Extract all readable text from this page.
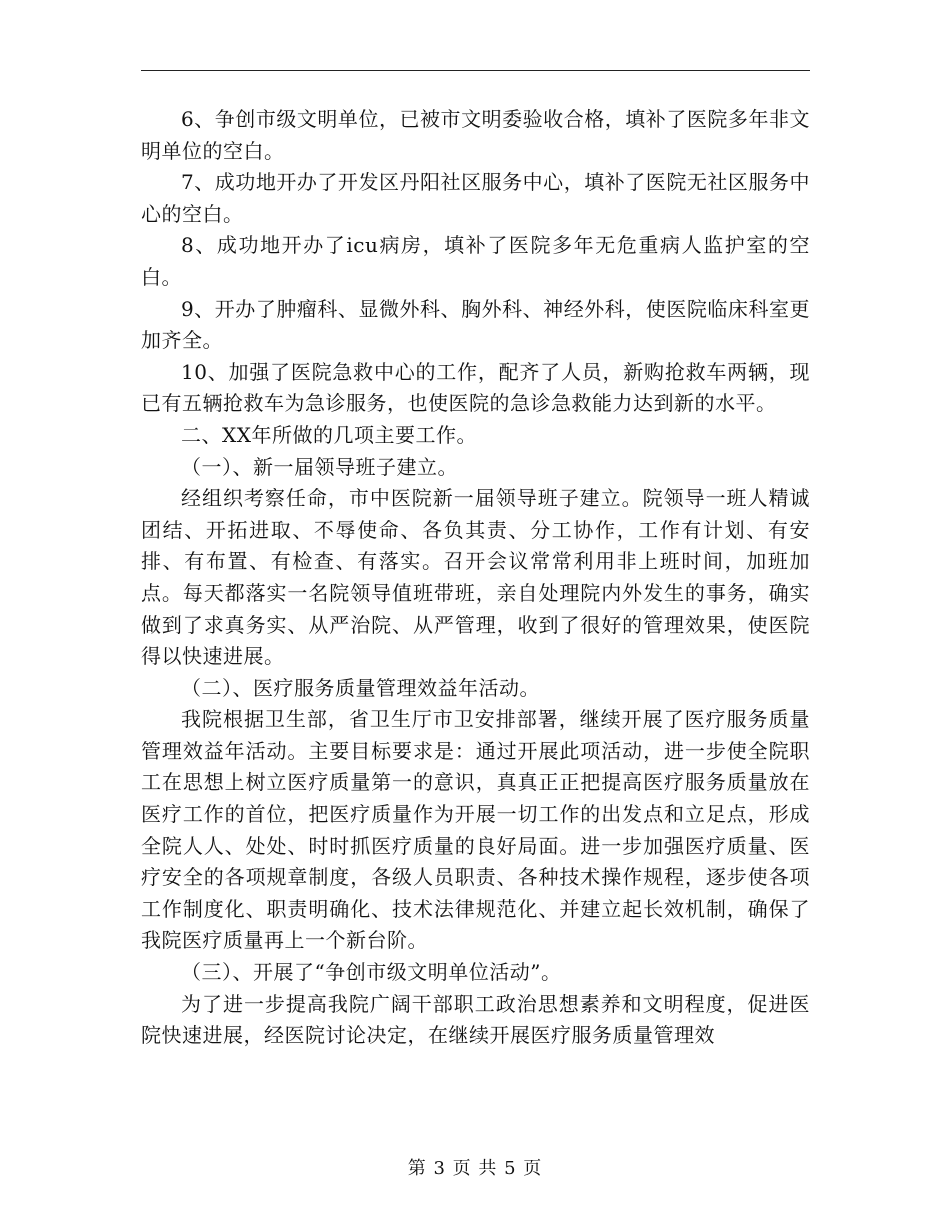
6、争创市级文明单位，已被市文明委验收合格，填补了医院多年非文明单位的空白。

7、成功地开办了开发区丹阳社区服务中心，填补了医院无社区服务中心的空白。

8、成功地开办了icu病房，填补了医院多年无危重病人监护室的空白。

9、开办了肿瘤科、显微外科、胸外科、神经外科，使医院临床科室更加齐全。

10、加强了医院急救中心的工作，配齐了人员，新购抢救车两辆，现已有五辆抢救车为急诊服务，也使医院的急诊急救能力达到新的水平。

二、XX年所做的几项主要工作。

（一）、新一届领导班子建立。

经组织考察任命，市中医院新一届领导班子建立。院领导一班人精诚团结、开拓进取、不辱使命、各负其责、分工协作，工作有计划、有安排、有布置、有检查、有落实。召开会议常常利用非上班时间，加班加点。每天都落实一名院领导值班带班，亲自处理院内外发生的事务，确实做到了求真务实、从严治院、从严管理，收到了很好的管理效果，使医院得以快速进展。

（二）、医疗服务质量管理效益年活动。

我院根据卫生部，省卫生厅市卫安排部署，继续开展了医疗服务质量管理效益年活动。主要目标要求是：通过开展此项活动，进一步使全院职工在思想上树立医疗质量第一的意识，真真正正把提高医疗服务质量放在医疗工作的首位，把医疗质量作为开展一切工作的出发点和立足点，形成全院人人、处处、时时抓医疗质量的良好局面。进一步加强医疗质量、医疗安全的各项规章制度，各级人员职责、各种技术操作规程，逐步使各项工作制度化、职责明确化、技术法律规范化、并建立起长效机制，确保了我院医疗质量再上一个新台阶。

（三）、开展了“争创市级文明单位活动”。

为了进一步提高我院广阔干部职工政治思想素养和文明程度，促进医院快速进展，经医院讨论决定，在继续开展医疗服务质量管理效

第 3 页 共 5 页
